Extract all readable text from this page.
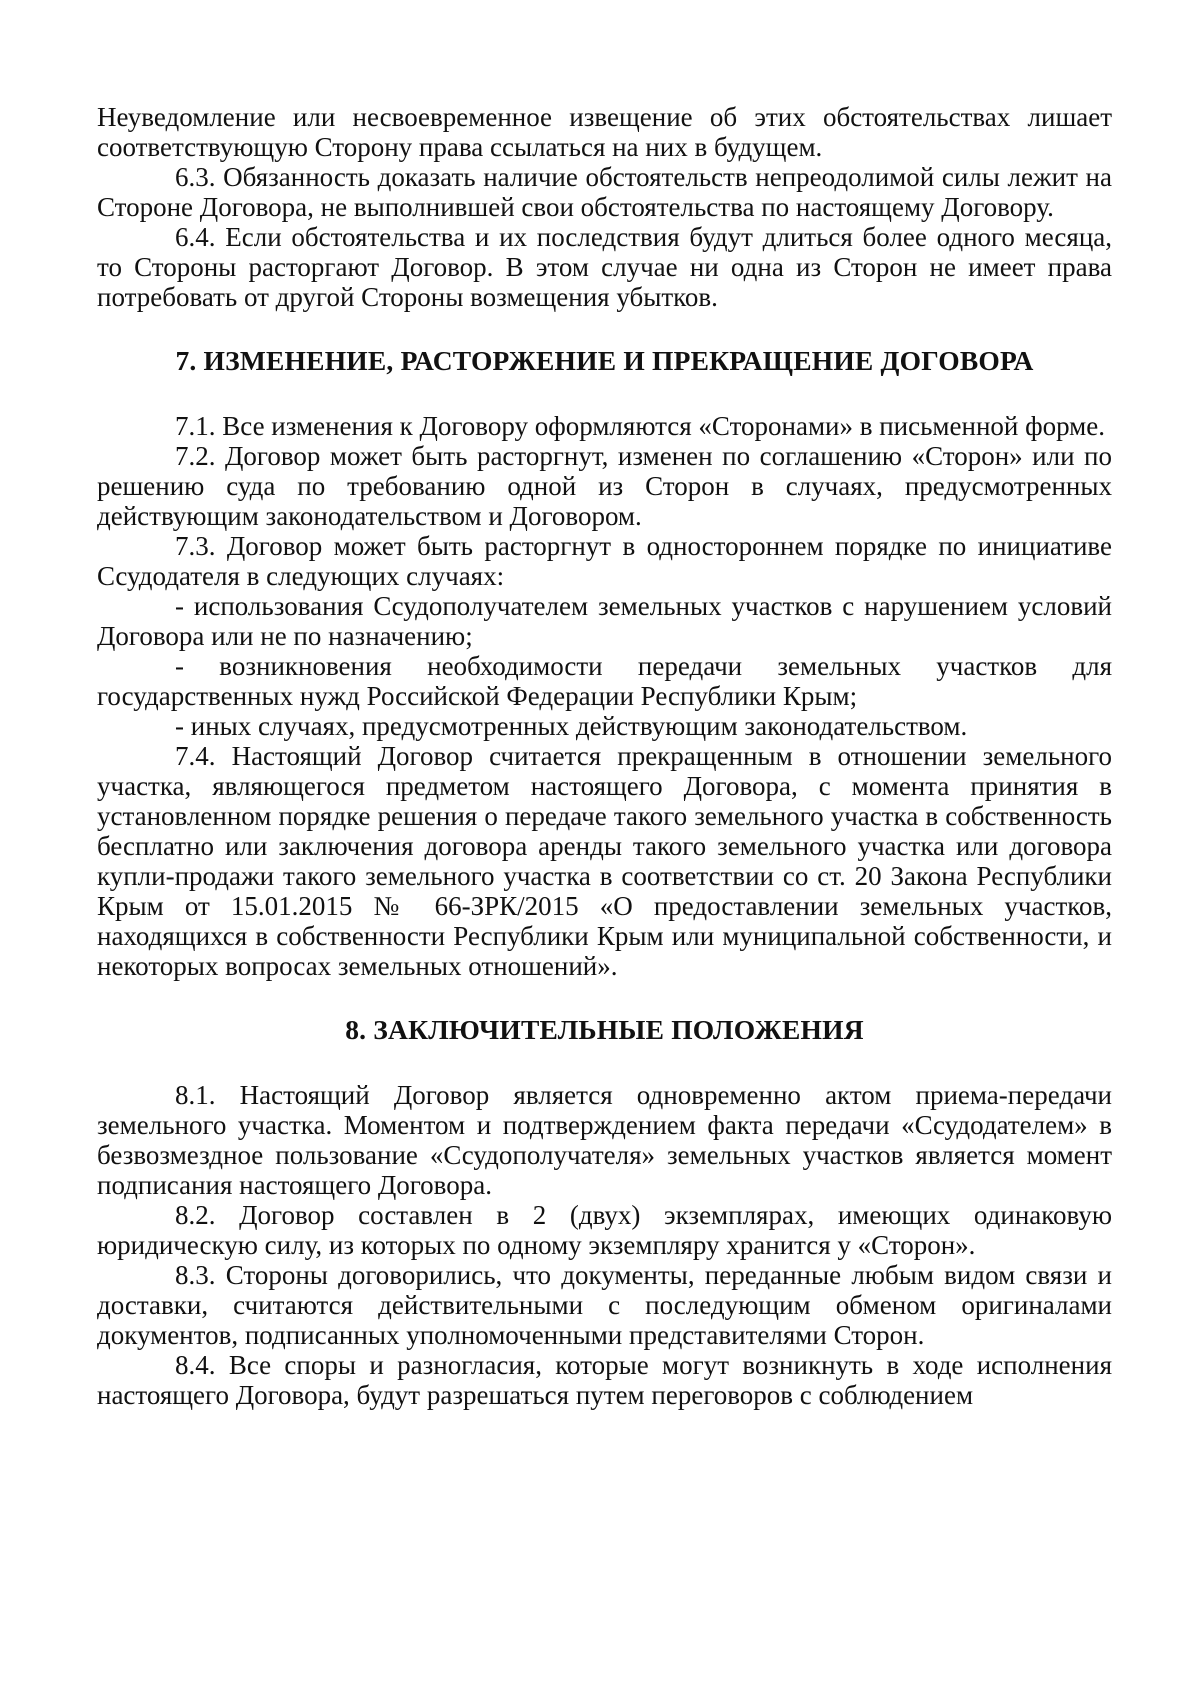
Неуведомление или несвоевременное извещение об этих обстоятельствах лишает соответствующую Сторону права ссылаться на них в будущем.

6.3. Обязанность доказать наличие обстоятельств непреодолимой силы лежит на Стороне Договора, не выполнившей свои обстоятельства по настоящему Договору.

6.4. Если обстоятельства и их последствия будут длиться более одного месяца, то Стороны расторгают Договор. В этом случае ни одна из Сторон не имеет права потребовать от другой Стороны возмещения убытков.

7. ИЗМЕНЕНИЕ, РАСТОРЖЕНИЕ И ПРЕКРАЩЕНИЕ ДОГОВОРА

7.1. Все изменения к Договору оформляются «Сторонами» в письменной форме.

7.2. Договор может быть расторгнут, изменен по соглашению «Сторон» или по решению суда по требованию одной из Сторон в случаях, предусмотренных действующим законодательством и Договором.

7.3. Договор может быть расторгнут в одностороннем порядке по инициативе Ссудодателя в следующих случаях:

- использования Ссудополучателем земельных участков с нарушением условий Договора или не по назначению;

- возникновения необходимости передачи земельных участков для государственных нужд Российской Федерации Республики Крым;

- иных случаях, предусмотренных действующим законодательством.

7.4. Настоящий Договор считается прекращенным в отношении земельного участка, являющегося предметом настоящего Договора, с момента принятия в установленном порядке решения о передаче такого земельного участка в собственность бесплатно или заключения договора аренды такого земельного участка или договора купли-продажи такого земельного участка в соответствии со ст. 20 Закона Республики Крым от 15.01.2015 № 66-ЗРК/2015 «О предоставлении земельных участков, находящихся в собственности Республики Крым или муниципальной собственности, и некоторых вопросах земельных отношений».

8. ЗАКЛЮЧИТЕЛЬНЫЕ ПОЛОЖЕНИЯ

8.1. Настоящий Договор является одновременно актом приема-передачи земельного участка. Моментом и подтверждением факта передачи «Ссудодателем» в безвозмездное пользование «Ссудополучателя» земельных участков является момент подписания настоящего Договора.

8.2. Договор составлен в 2 (двух) экземплярах, имеющих одинаковую юридическую силу, из которых по одному экземпляру хранится у «Сторон».

8.3. Стороны договорились, что документы, переданные любым видом связи и доставки, считаются действительными с последующим обменом оригиналами документов, подписанных уполномоченными представителями Сторон.

8.4. Все споры и разногласия, которые могут возникнуть в ходе исполнения настоящего Договора, будут разрешаться путем переговоров с соблюдением
